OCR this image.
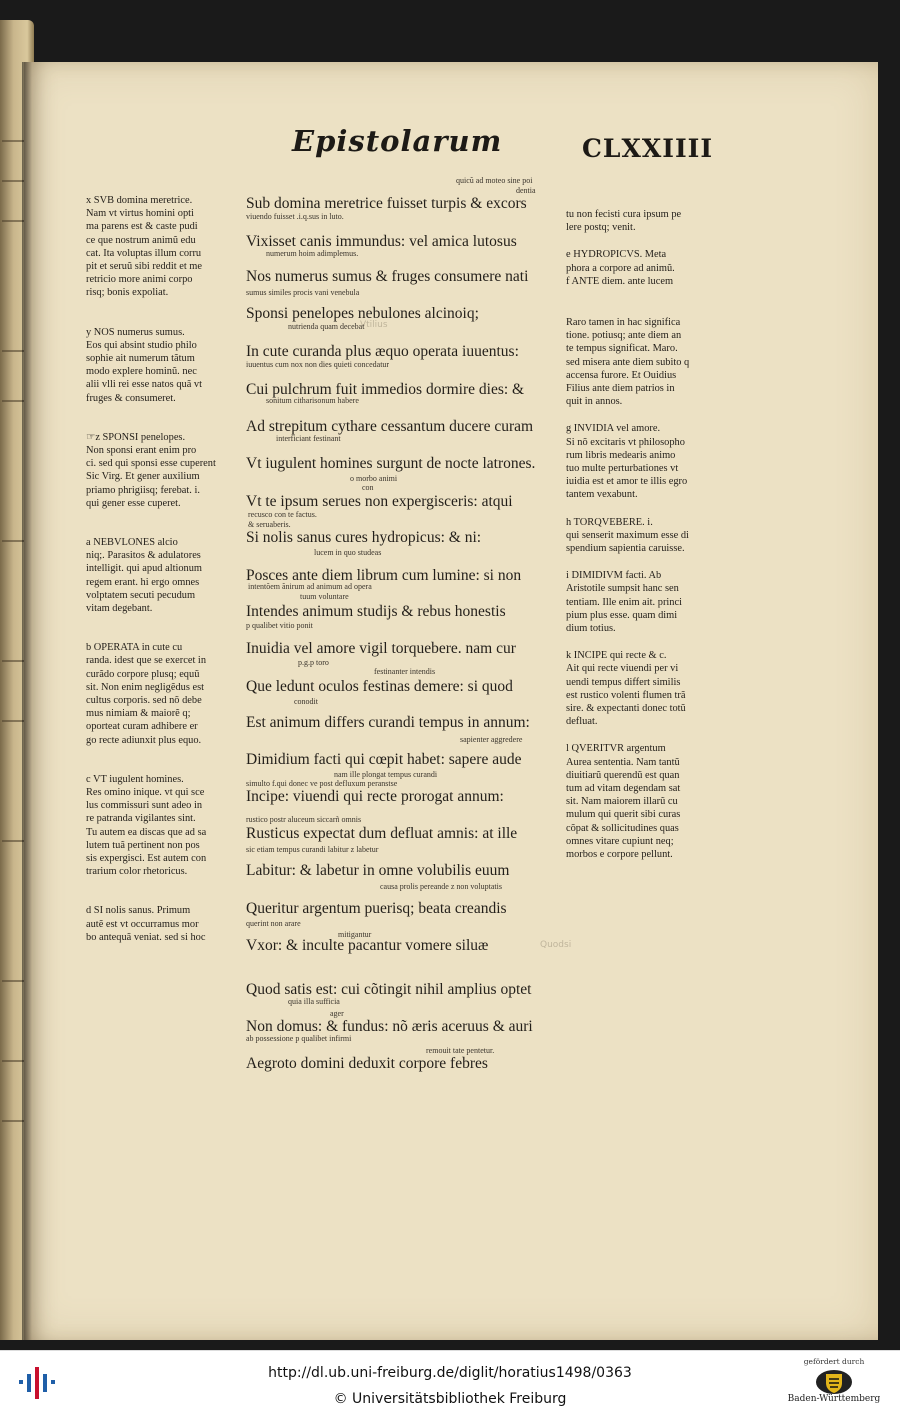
Epistolarum	CLXXIIII
x SVB domina meretrice.
Nam vt virtus homini opti
ma parens est & caste pudi
ce que nostrum animũ edu
cat. Ita voluptas illum corru
pit et seruũ sibi reddit et me
retricio more animi corpo
risq; bonis expoliat.
y NOS numerus sumus.
Eos qui absint studio philo
sophie ait numerum tãtum
modo explere hominũ. nec
alii vlli rei esse natos quã vt
fruges & consumeret.
☞z SPONSI penelopes.
Non sponsi erant enim pro
ci. sed qui sponsi esse cuperent
Sic Virg. Et gener auxilium
priamo phrigiisq; ferebat. i.
qui gener esse cuperet.
a NEBVLONES alcio
niq;. Parasitos & adulatores
intelligit. qui apud altionum
regem erant. hi ergo omnes
volptatem secuti pecudum
vitam degebant.
b OPERATA in cute cu
randa. idest que se exercet in
curãdo corpore plusq; equũ
sit. Non enim negligẽdus est
cultus corporis. sed nõ debe
mus nimiam & maiorẽ q;
oporteat curam adhibere er
go recte adiunxit plus equo.
c VT iugulent homines.
Res omino inique. vt qui sce
lus commissuri sunt adeo in
re patranda vigilantes sint.
Tu autem ea discas que ad sa
lutem tuã pertinent non pos
sis expergisci. Est autem con
trarium color rhetoricus.
d SI nolis sanus. Primum
autẽ est vt occurramus mor
bo antequã veniat. sed si hoc
tu non fecisti cura ipsum pe
lere postq; venit.
e HYDROPICVS. Meta
phora a corpore ad animũ.
f ANTE diem. ante lucem
Raro tamen in hac significa
tione. potiusq; ante diem an
te tempus significat. Maro.
sed misera ante diem subito q
accensa furore. Et Ouidius
Filius ante diem patrios in
quit in annos.
g INVIDIA vel amore.
Si nõ excitaris vt philosopho
rum libris medearis animo
tuo multe perturbationes vt
iuidia est et amor te illis egro
tantem vexabunt.
h TORQVEBERE. i.
qui senserit maximum esse di
spendium sapientia caruisse.
i DIMIDIVM facti. Ab
Aristotile sumpsit hanc sen
tentiam. Ille enim ait. princi
pium plus esse. quam dimi
dium totius.
k INCIPE qui recte & c.
Ait qui recte viuendi per vi
uendi tempus differt similis
est rustico volenti flumen trã
sire. & expectanti donec totũ
defluat.
l QVERITVR argentum
Aurea sententia. Nam tantũ
diuitiarũ querendũ est quan
tum ad vitam degendam sat
sit. Nam maiorem illarũ cu
mulum qui querit sibi curas
cõpat & sollicitudines quas
omnes vitare cupiunt neq;
morbos e corpore pellunt.
Sub domina meretrice fuisset turpis & excors
Vixisset canis immundus: vel amica lutosus
Nos numerus sumus & fruges consumere nati
Sponsi penelopes nebulones alcinoiq;
In cute curanda plus æquo operata iuuentus:
Cui pulchrum fuit immedios dormire dies: &
Ad strepitum cythare cessantum ducere curam
Vt iugulent homines surgunt de nocte latrones.
Vt te ipsum serues non expergisceris: atqui
Si nolis sanus cures hydropicus: & ni:
Posces ante diem librum cum lumine: si non
Intendes animum studijs & rebus honestis
Inuidia vel amore vigil torquebere. nam cur
Que ledunt oculos festinas demere: si quod
Est animum differs curandi tempus in annum:
Dimidium facti qui cœpit habet: sapere aude
Incipe: viuendi qui recte prorogat annum:
Rusticus expectat dum defluat amnis: at ille
Labitur: & labetur in omne volubilis euum
Queritur argentum puerisq; beata creandis
Vxor: & inculte pacantur vomere siluæ
Quod satis est: cui cõtingit nihil amplius optet
Non domus: & fundus: nõ æris aceruus & auri
Aegroto domini deduxit corpore febres
quicũ ad moteo sine poi
dentia
viuendo fuisset .i.q.sus in luto.
numerum hoim adimplemus.
sumus similes procis vani venebula
nutrienda quam decebat
iuuentus cum nox non dies quieti concedatur
sonitum citharisonum habere
interficiant festinant
o morbo animi
con
recusco con te factus.
& seruaberis.
lucem in quo studeas
intentõem ãnirum ad animum ad opera
tuum voluntare
p qualibet vitio ponit
p.g.p toro
festinanter intendis
conodit
sapienter aggredere
nam ille plongat tempus curandi
simulto f.qui donec ve post defluxum peranstse
rustico postr aluceum siccarñ omnis
sic etiam tempus curandi labitur z labetur
causa prolis pereande z non voluptatis
querint non arare
mitigantur
quia illa sufficia
ager
ab possessione p qualibet infirmi
remouit tate pentetur.
Vtilius
Quodsi
http://dl.ub.uni-freiburg.de/diglit/horatius1498/0363
© Universitätsbibliothek Freiburg
gefördert durch
Baden-Württemberg
